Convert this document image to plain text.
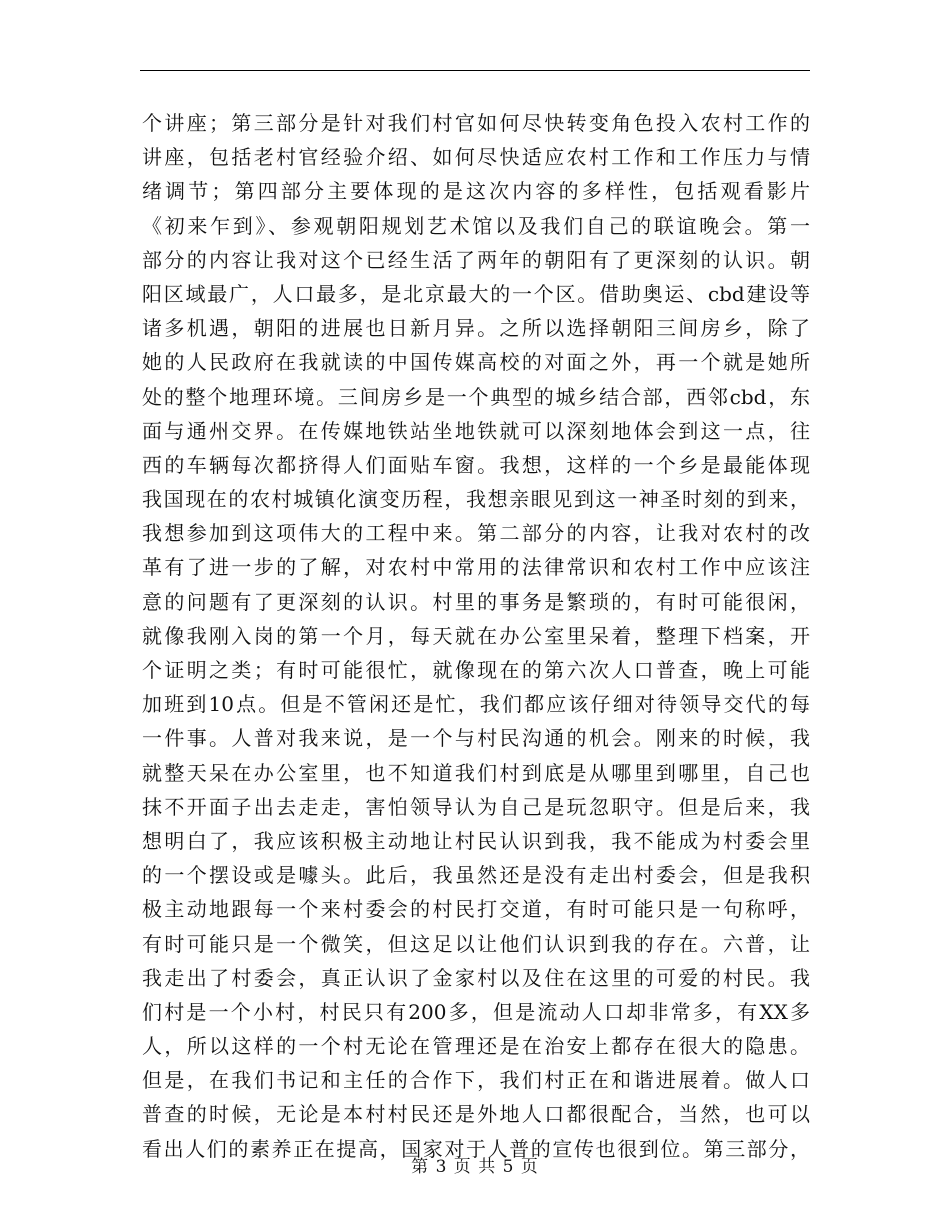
个讲座；第三部分是针对我们村官如何尽快转变角色投入农村工作的
讲座，包括老村官经验介绍、如何尽快适应农村工作和工作压力与情
绪调节；第四部分主要体现的是这次内容的多样性，包括观看影片
《初来乍到》、参观朝阳规划艺术馆以及我们自己的联谊晚会。第一
部分的内容让我对这个已经生活了两年的朝阳有了更深刻的认识。朝
阳区域最广，人口最多，是北京最大的一个区。借助奥运、cbd建设等
诸多机遇，朝阳的进展也日新月异。之所以选择朝阳三间房乡，除了
她的人民政府在我就读的中国传媒高校的对面之外，再一个就是她所
处的整个地理环境。三间房乡是一个典型的城乡结合部，西邻cbd，东
面与通州交界。在传媒地铁站坐地铁就可以深刻地体会到这一点，往
西的车辆每次都挤得人们面贴车窗。我想，这样的一个乡是最能体现
我国现在的农村城镇化演变历程，我想亲眼见到这一神圣时刻的到来，
我想参加到这项伟大的工程中来。第二部分的内容，让我对农村的改
革有了进一步的了解，对农村中常用的法律常识和农村工作中应该注
意的问题有了更深刻的认识。村里的事务是繁琐的，有时可能很闲，
就像我刚入岗的第一个月，每天就在办公室里呆着，整理下档案，开
个证明之类；有时可能很忙，就像现在的第六次人口普查，晚上可能
加班到10点。但是不管闲还是忙，我们都应该仔细对待领导交代的每
一件事。人普对我来说，是一个与村民沟通的机会。刚来的时候，我
就整天呆在办公室里，也不知道我们村到底是从哪里到哪里，自己也
抹不开面子出去走走，害怕领导认为自己是玩忽职守。但是后来，我
想明白了，我应该积极主动地让村民认识到我，我不能成为村委会里
的一个摆设或是噱头。此后，我虽然还是没有走出村委会，但是我积
极主动地跟每一个来村委会的村民打交道，有时可能只是一句称呼，
有时可能只是一个微笑，但这足以让他们认识到我的存在。六普，让
我走出了村委会，真正认识了金家村以及住在这里的可爱的村民。我
们村是一个小村，村民只有200多，但是流动人口却非常多，有XX多
人，所以这样的一个村无论在管理还是在治安上都存在很大的隐患。
但是，在我们书记和主任的合作下，我们村正在和谐进展着。做人口
普查的时候，无论是本村村民还是外地人口都很配合，当然，也可以
看出人们的素养正在提高，国家对于人普的宣传也很到位。第三部分，
第 3 页 共 5 页
